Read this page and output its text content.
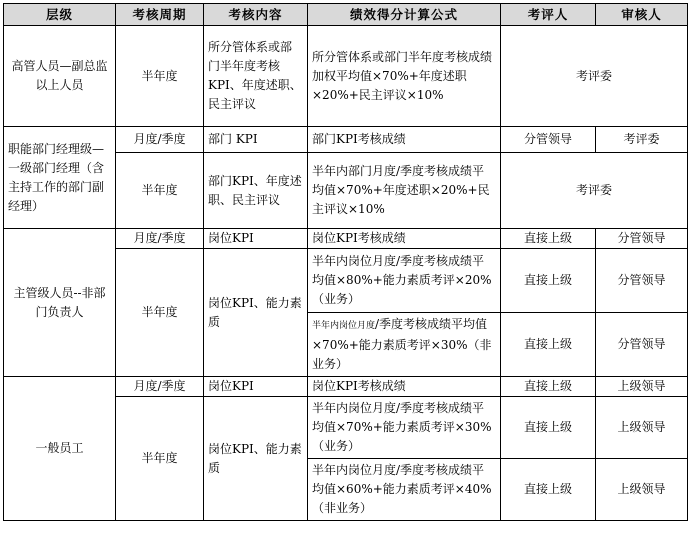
层级	考核周期	考核内容	绩效得分计算公式	考评人	审核人
高管人员—副总监以上人员	半年度	所分管体系或部门半年度考核KPI、年度述职、民主评议	所分管体系或部门半年度考核成绩加权平均值×70%+年度述职×20%+民主评议×10%	考评委	
职能部门经理级—一级部门经理（含主持工作的部门副经理）	月度/季度	部门 KPI	部门KPI考核成绩	分管领导	考评委
	半年度	部门KPI、年度述职、民主评议	半年内部门月度/季度考核成绩平均值×70%+年度述职×20%+民主评议×10%	考评委	
主管级人员--非部门负责人	月度/季度	岗位KPI	岗位KPI考核成绩	直接上级	分管领导
	半年度	岗位KPI、能力素质	半年内岗位月度/季度考核成绩平均值×80%+能力素质考评×20%（业务）	直接上级	分管领导
			半年内岗位月度/季度考核成绩平均值×70%+能力素质考评×30%（非业务）	直接上级	分管领导
一般员工	月度/季度	岗位KPI	岗位KPI考核成绩	直接上级	上级领导
	半年度	岗位KPI、能力素质	半年内岗位月度/季度考核成绩平均值×70%+能力素质考评×30%（业务）	直接上级	上级领导
			半年内岗位月度/季度考核成绩平均值×60%+能力素质考评×40%（非业务）	直接上级	上级领导
